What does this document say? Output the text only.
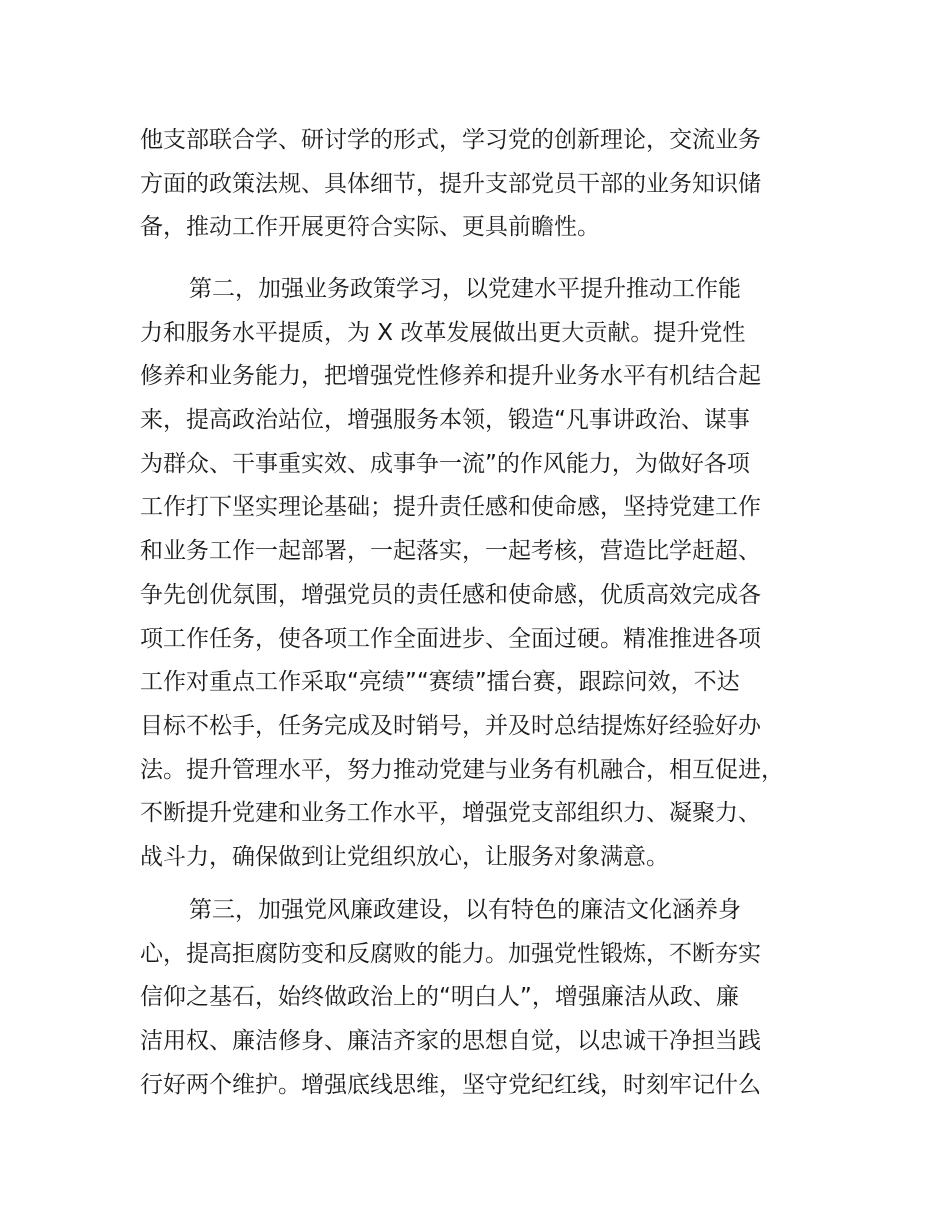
他支部联合学、研讨学的形式，学习党的创新理论，交流业务
方面的政策法规、具体细节，提升支部党员干部的业务知识储
备，推动工作开展更符合实际、更具前瞻性。
第二，加强业务政策学习，以党建水平提升推动工作能
力和服务水平提质，为 X 改革发展做出更大贡献。提升党性
修养和业务能力，把增强党性修养和提升业务水平有机结合起
来，提高政治站位，增强服务本领，锻造“凡事讲政治、谋事
为群众、干事重实效、成事争一流”的作风能力，为做好各项
工作打下坚实理论基础；提升责任感和使命感，坚持党建工作
和业务工作一起部署，一起落实，一起考核，营造比学赶超、
争先创优氛围，增强党员的责任感和使命感，优质高效完成各
项工作任务，使各项工作全面进步、全面过硬。精准推进各项
工作对重点工作采取“亮绩”“赛绩”擂台赛，跟踪问效，不达
目标不松手，任务完成及时销号，并及时总结提炼好经验好办
法。提升管理水平，努力推动党建与业务有机融合，相互促进，
不断提升党建和业务工作水平，增强党支部组织力、凝聚力、
战斗力，确保做到让党组织放心，让服务对象满意。
第三，加强党风廉政建设，以有特色的廉洁文化涵养身
心，提高拒腐防变和反腐败的能力。加强党性锻炼，不断夯实
信仰之基石，始终做政治上的“明白人”，增强廉洁从政、廉
洁用权、廉洁修身、廉洁齐家的思想自觉，以忠诚干净担当践
行好两个维护。增强底线思维，坚守党纪红线，时刻牢记什么
